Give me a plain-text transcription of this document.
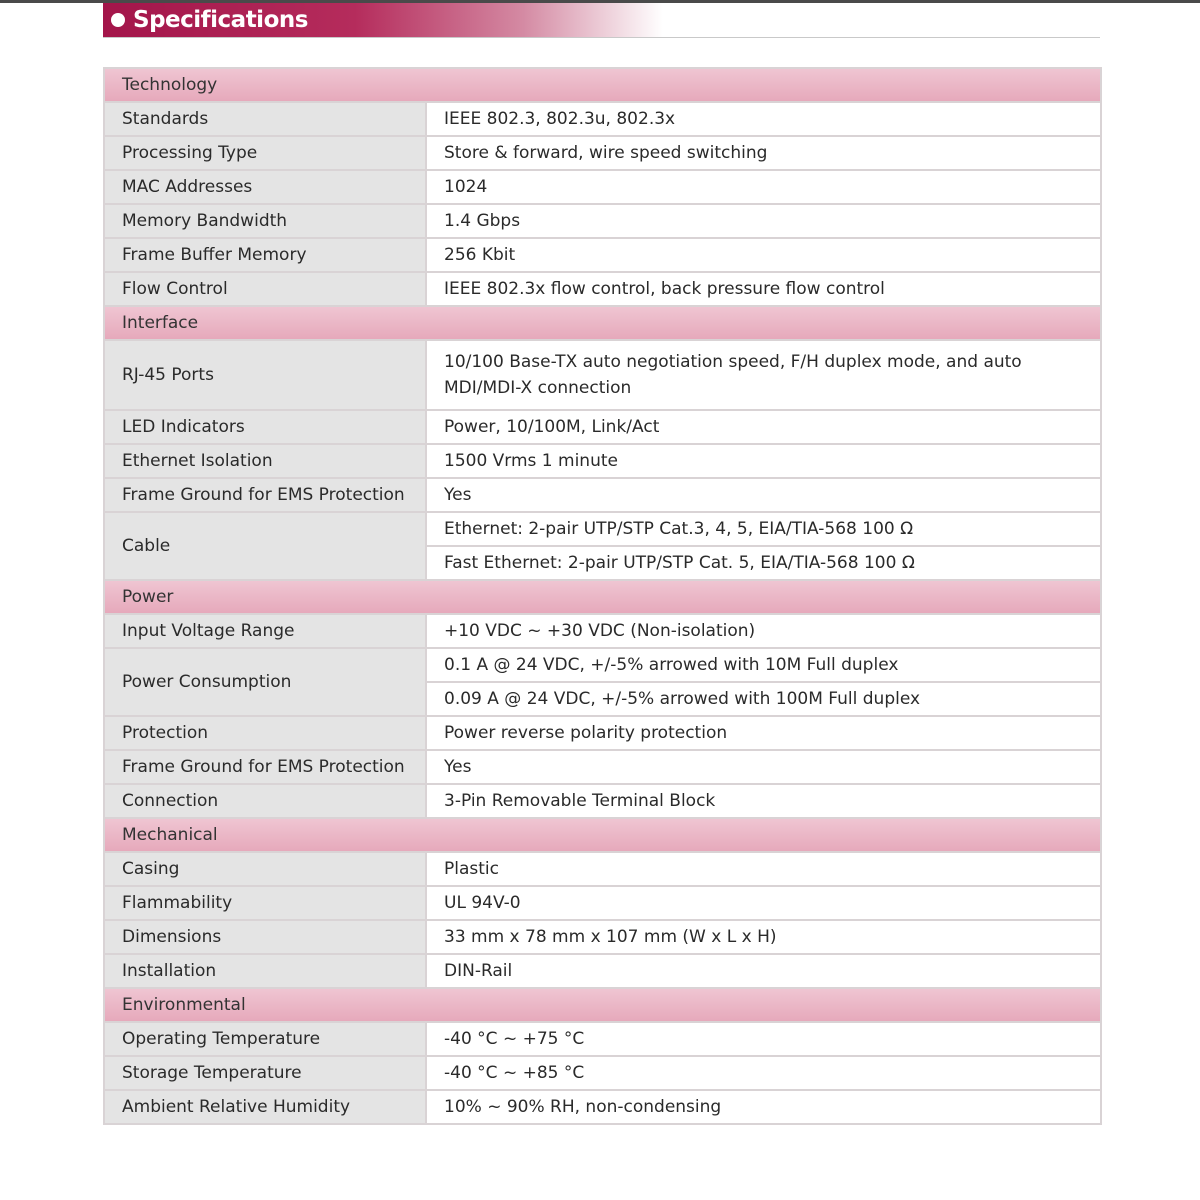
Specifications
Technology	
Standards	IEEE 802.3, 802.3u, 802.3x
Processing Type	Store & forward, wire speed switching
MAC Addresses	1024
Memory Bandwidth	1.4 Gbps
Frame Buffer Memory	256 Kbit
Flow Control	IEEE 802.3x flow control, back pressure flow control
Interface	
RJ-45 Ports	10/100 Base-TX auto negotiation speed, F/H duplex mode, and auto MDI/MDI-X connection
LED Indicators	Power, 10/100M, Link/Act
Ethernet Isolation	1500 Vrms 1 minute
Frame Ground for EMS Protection	Yes
Cable	Ethernet: 2-pair UTP/STP Cat.3, 4, 5, EIA/TIA-568 100 Ω
	Fast Ethernet: 2-pair UTP/STP Cat. 5, EIA/TIA-568 100 Ω
Power	
Input Voltage Range	+10 VDC ~ +30 VDC (Non-isolation)
Power Consumption	0.1 A @ 24 VDC, +/-5% arrowed with 10M Full duplex
	0.09 A @ 24 VDC, +/-5% arrowed with 100M Full duplex
Protection	Power reverse polarity protection
Frame Ground for EMS Protection	Yes
Connection	3-Pin Removable Terminal Block
Mechanical	
Casing	Plastic
Flammability	UL 94V-0
Dimensions	33 mm x 78 mm x 107 mm (W x L x H)
Installation	DIN-Rail
Environmental	
Operating Temperature	-40 °C ~ +75 °C
Storage Temperature	-40 °C ~ +85 °C
Ambient Relative Humidity	10% ~ 90% RH, non-condensing
